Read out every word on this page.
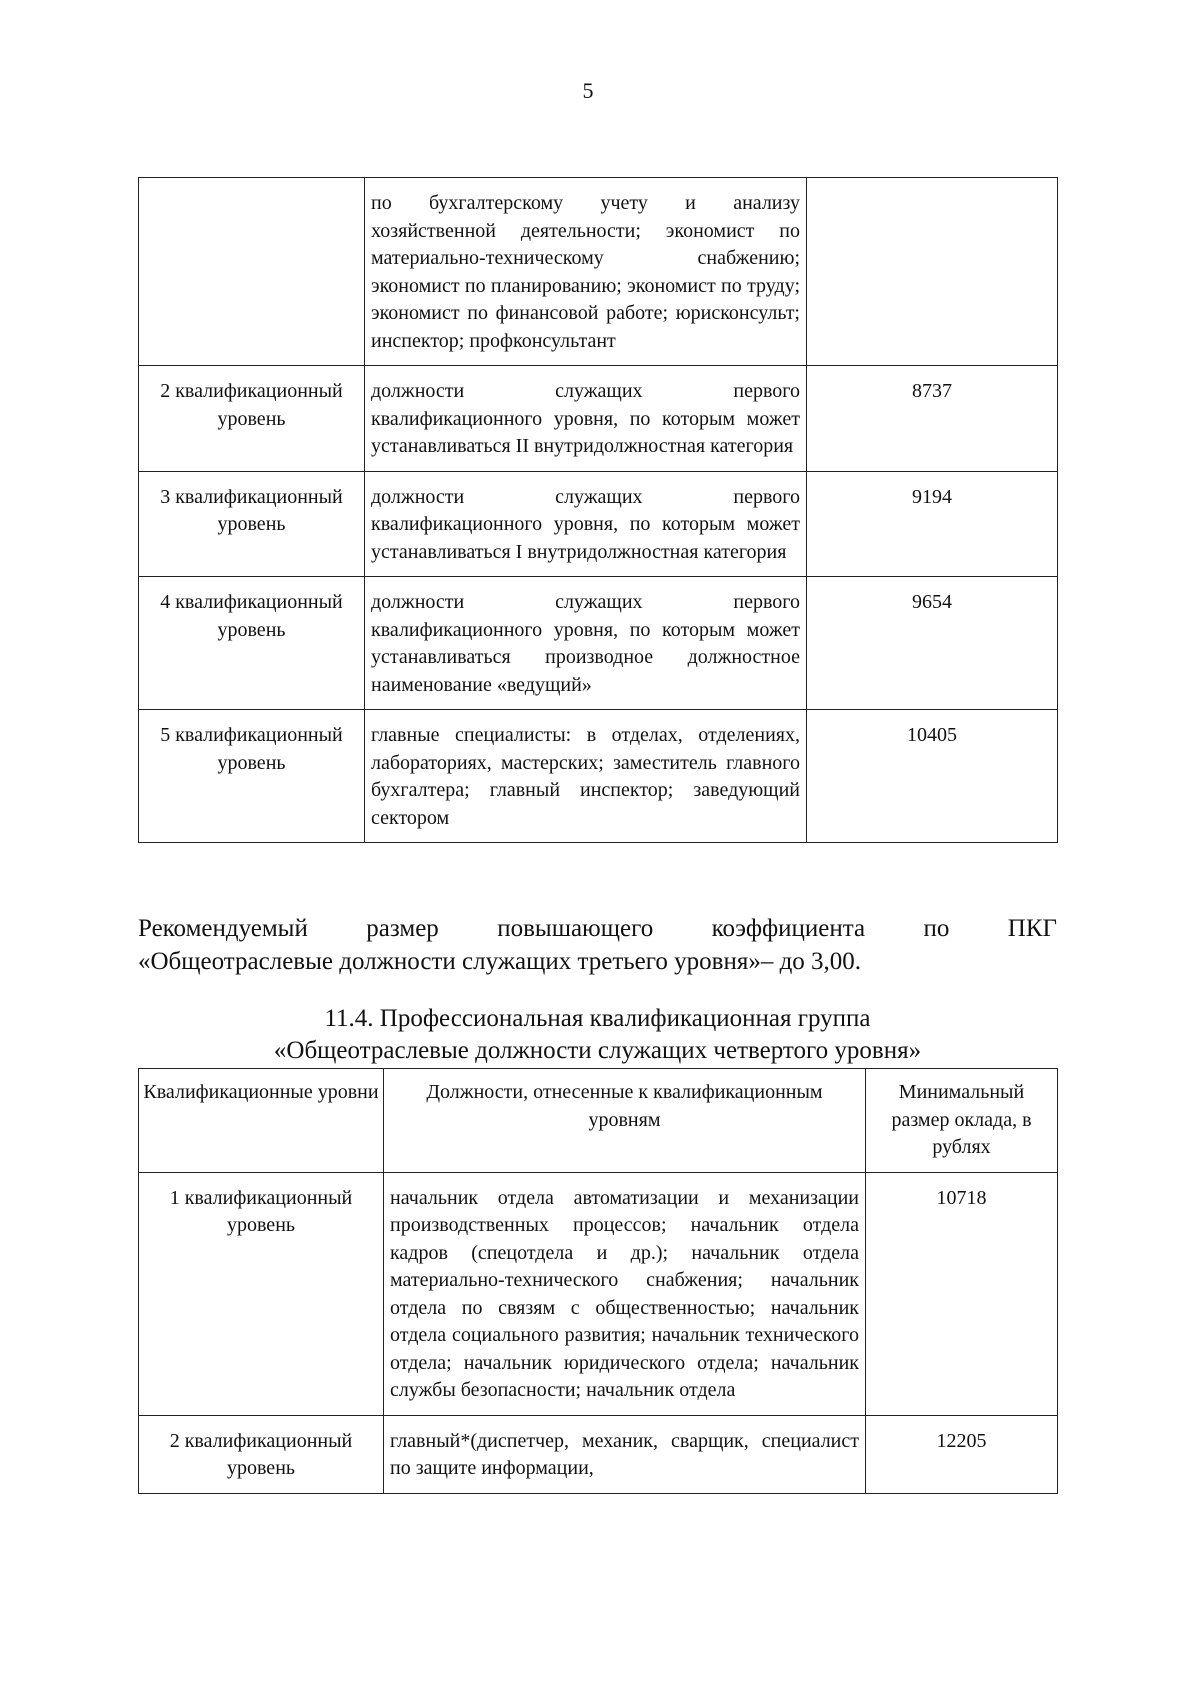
5
	по бухгалтерскому учету и анализу хозяйственной деятельности; экономист по материально-техническому снабжению; экономист по планированию; экономист по труду; экономист по финансовой работе; юрисконсульт; инспектор; профконсультант	
2 квалификационный уровень	должности служащих первого квалификационного уровня, по которым может устанавливаться II внутридолжностная категория	8737
3 квалификационный уровень	должности служащих первого квалификационного уровня, по которым может устанавливаться I внутридолжностная категория	9194
4 квалификационный уровень	должности служащих первого квалификационного уровня, по которым может устанавливаться производное должностное наименование «ведущий»	9654
5 квалификационный уровень	главные специалисты: в отделах, отделениях, лабораториях, мастерских; заместитель главного бухгалтера; главный инспектор; заведующий сектором	10405
Рекомендуемый размер повышающего коэффициента по ПКГ
«Общеотраслевые должности служащих третьего уровня»– до 3,00.
11.4. Профессиональная квалификационная группа
«Общеотраслевые должности служащих четвертого уровня»
Квалификационные уровни	Должности, отнесенные к квалификационным уровням	Минимальный размер оклада, в рублях
1 квалификационный уровень	начальник отдела автоматизации и механизации производственных процессов; начальник отдела кадров (спецотдела и др.); начальник отдела материально-технического снабжения; начальник отдела по связям с общественностью; начальник отдела социального развития; начальник технического отдела; начальник юридического отдела; начальник службы безопасности; начальник отдела	10718
2 квалификационный уровень	главный*(диспетчер, механик, сварщик, специалист по защите информации,	12205
